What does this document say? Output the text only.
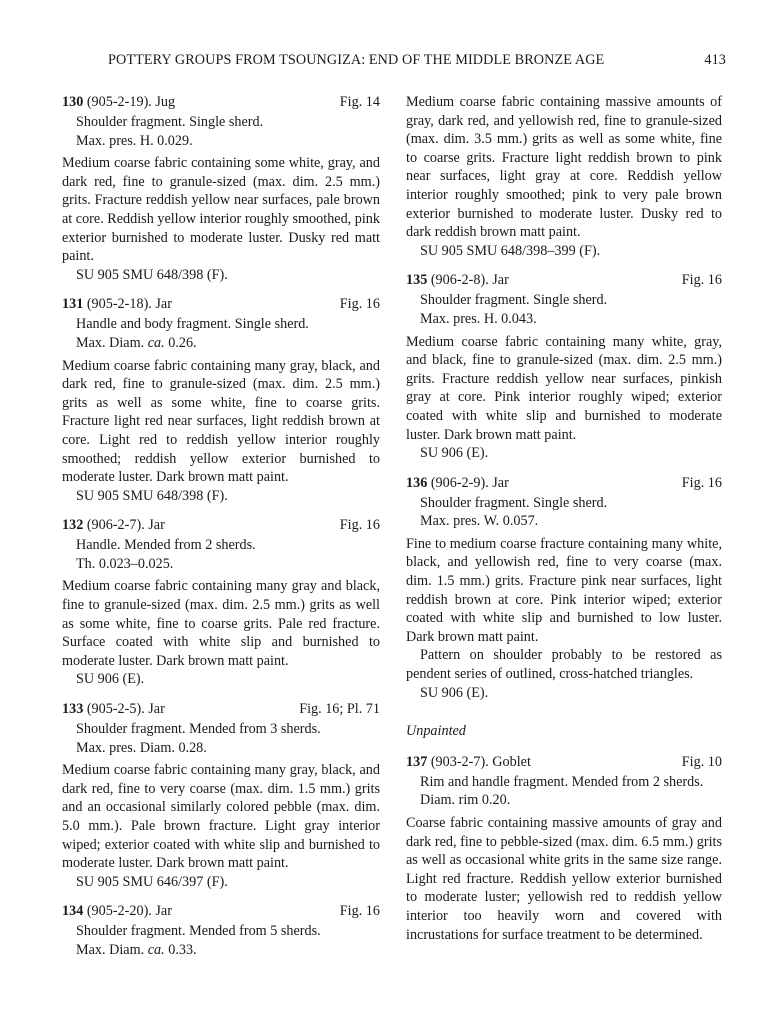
POTTERY GROUPS FROM TSOUNGIZA: END OF THE MIDDLE BRONZE AGE	413
130 (905-2-19). Jug	Fig. 14
Shoulder fragment. Single sherd.
Max. pres. H. 0.029.
Medium coarse fabric containing some white, gray, and dark red, fine to granule-sized (max. dim. 2.5 mm.) grits. Fracture reddish yellow near surfaces, pale brown at core. Reddish yellow interior roughly smoothed, pink exterior burnished to moderate luster. Dusky red matt paint.
SU 905 SMU 648/398 (F).
131 (905-2-18). Jar	Fig. 16
Handle and body fragment. Single sherd.
Max. Diam. ca. 0.26.
Medium coarse fabric containing many gray, black, and dark red, fine to granule-sized (max. dim. 2.5 mm.) grits as well as some white, fine to coarse grits. Fracture light red near surfaces, light reddish brown at core. Light red to reddish yellow interior roughly smoothed; reddish yellow exterior burnished to moderate luster. Dark brown matt paint.
SU 905 SMU 648/398 (F).
132 (906-2-7). Jar	Fig. 16
Handle. Mended from 2 sherds.
Th. 0.023–0.025.
Medium coarse fabric containing many gray and black, fine to granule-sized (max. dim. 2.5 mm.) grits as well as some white, fine to coarse grits. Pale red fracture. Surface coated with white slip and burnished to moderate luster. Dark brown matt paint.
SU 906 (E).
133 (905-2-5). Jar	Fig. 16; Pl. 71
Shoulder fragment. Mended from 3 sherds.
Max. pres. Diam. 0.28.
Medium coarse fabric containing many gray, black, and dark red, fine to very coarse (max. dim. 1.5 mm.) grits and an occasional similarly colored pebble (max. dim. 5.0 mm.). Pale brown fracture. Light gray interior wiped; exterior coated with white slip and burnished to moderate luster. Dark brown matt paint.
SU 905 SMU 646/397 (F).
134 (905-2-20). Jar	Fig. 16
Shoulder fragment. Mended from 5 sherds.
Max. Diam. ca. 0.33.
Medium coarse fabric containing massive amounts of gray, dark red, and yellowish red, fine to granule-sized (max. dim. 3.5 mm.) grits as well as some white, fine to coarse grits. Fracture light reddish brown to pink near surfaces, light gray at core. Reddish yellow interior roughly smoothed; pink to very pale brown exterior burnished to moderate luster. Dusky red to dark reddish brown matt paint.
SU 905 SMU 648/398–399 (F).
135 (906-2-8). Jar	Fig. 16
Shoulder fragment. Single sherd.
Max. pres. H. 0.043.
Medium coarse fabric containing many white, gray, and black, fine to granule-sized (max. dim. 2.5 mm.) grits. Fracture reddish yellow near surfaces, pinkish gray at core. Pink interior roughly wiped; exterior coated with white slip and burnished to moderate luster. Dark brown matt paint.
SU 906 (E).
136 (906-2-9). Jar	Fig. 16
Shoulder fragment. Single sherd.
Max. pres. W. 0.057.
Fine to medium coarse fracture containing many white, black, and yellowish red, fine to very coarse (max. dim. 1.5 mm.) grits. Fracture pink near surfaces, light reddish brown at core. Pink interior wiped; exterior coated with white slip and burnished to low luster. Dark brown matt paint.
Pattern on shoulder probably to be restored as pendent series of outlined, cross-hatched triangles.
SU 906 (E).
Unpainted
137 (903-2-7). Goblet	Fig. 10
Rim and handle fragment. Mended from 2 sherds.
Diam. rim 0.20.
Coarse fabric containing massive amounts of gray and dark red, fine to pebble-sized (max. dim. 6.5 mm.) grits as well as occasional white grits in the same size range. Light red fracture. Reddish yellow exterior burnished to moderate luster; yellowish red to reddish yellow interior too heavily worn and covered with incrustations for surface treatment to be determined.
